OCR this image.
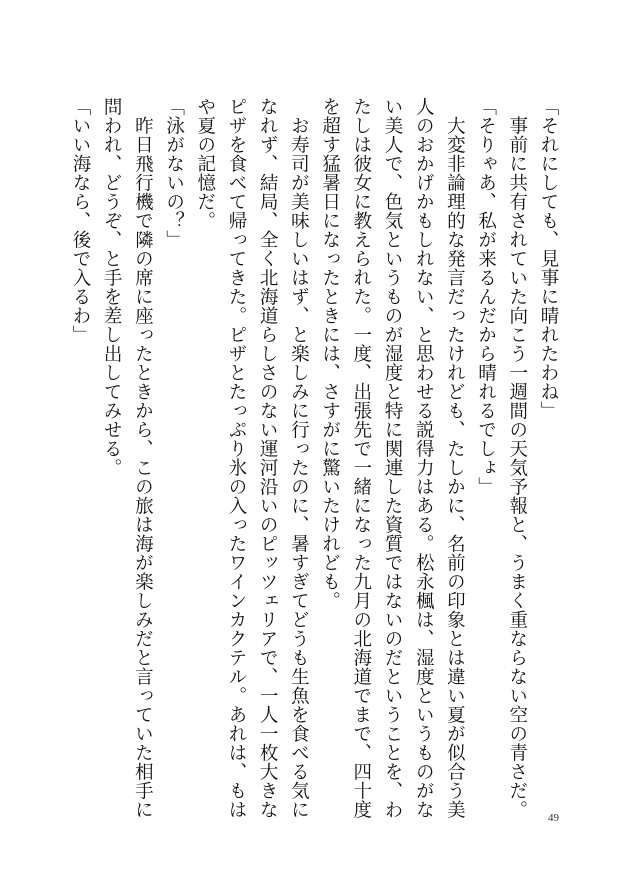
「それにしても、見事に晴れたわね」
　事前に共有されていた向こう一週間の天気予報と、うまく重ならない空の青さだ。
「そりゃあ、私が来るんだから晴れるでしょ」
　大変非論理的な発言だったけれども、たしかに、名前の印象とは違い夏が似合う美
人のおかげかもしれない、と思わせる説得力はある。松永楓は、湿度というものがな
い美人で、色気というものが湿度と特に関連した資質ではないのだということを、わ
たしは彼女に教えられた。一度、出張先で一緒になった九月の北海道でまで、四十度
を超す猛暑日になったときには、さすがに驚いたけれども。
　お寿司が美味しいはず、と楽しみに行ったのに、暑すぎてどうも生魚を食べる気に
なれず、結局、全く北海道らしさのない運河沿いのピッツェリアで、一人一枚大きな
ピザを食べて帰ってきた。ピザとたっぷり氷の入ったワインカクテル。あれは、もは
や夏の記憶だ。
「泳がないの？」
　昨日飛行機で隣の席に座ったときから、この旅は海が楽しみだと言っていた相手に
問われ、どうぞ、と手を差し出してみせる。
「いい海なら、後で入るわ」
49
